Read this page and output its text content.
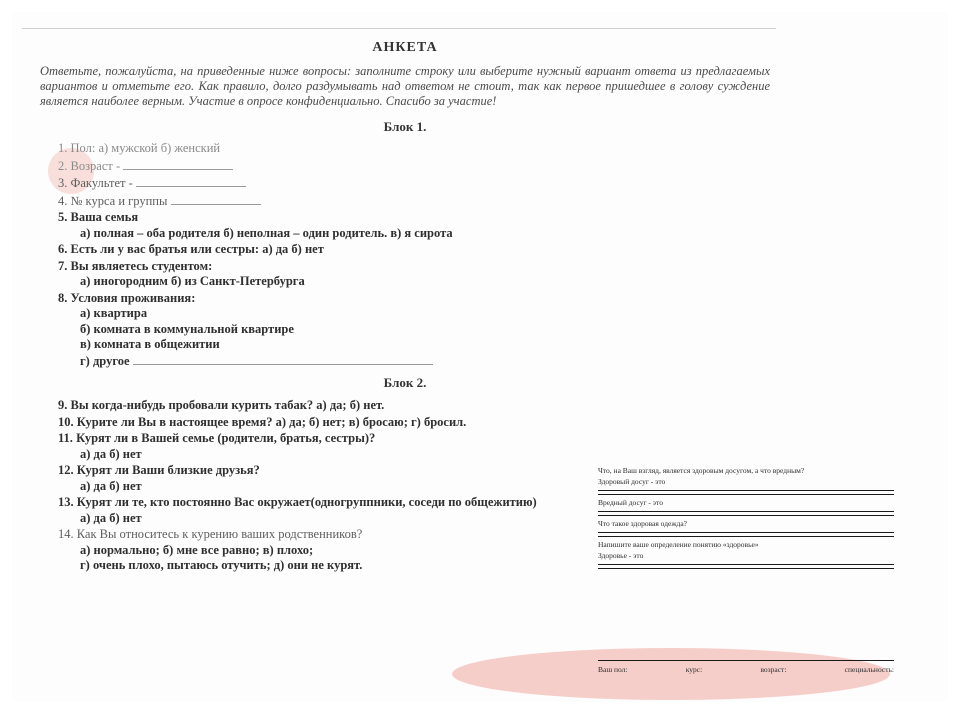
АНКЕТА
Ответьте, пожалуйста, на приведенные ниже вопросы: заполните строку или выберите нужный вариант ответа из предлагаемых вариантов и отметьте его. Как правило, долго раздумывать над ответом не стоит, так как первое пришедшее в голову суждение является наиболее верным. Участие в опросе конфиденциально. Спасибо за участие!
Блок 1.
1. Пол: а) мужской б) женский
2. Возраст -
3. Факультет -
4. № курса и группы
5. Ваша семья
а) полная – оба родителя б) неполная – один родитель. в) я сирота
6. Есть ли у вас братья или сестры: а) да б) нет
7. Вы являетесь студентом:
а) иногородним б) из Санкт-Петербурга
8. Условия проживания:
а) квартира
б) комната в коммунальной квартире
в) комната в общежитии
г) другое
Блок 2.
9. Вы когда-нибудь пробовали курить табак? а) да; б) нет.
10. Курите ли Вы в настоящее время? а) да; б) нет; в) бросаю; г) бросил.
11. Курят ли в Вашей семье (родители, братья, сестры)?
а) да б) нет
12. Курят ли Ваши близкие друзья?
а) да б) нет
13. Курят ли те, кто постоянно Вас окружает(одногруппники, соседи по общежитию)
а) да б) нет
14. Как Вы относитесь к курению ваших родственников?
а) нормально; б) мне все равно; в) плохо;
г) очень плохо, пытаюсь отучить; д) они не курят.

Что, на Ваш взгляд, является здоровым досугом, а что вредным?

Здоровый досуг - это

Вредный досуг - это

Что такое здоровая одежда?

Напишите ваше определение понятию «здоровье»

Здоровье - это

Ваш пол:	курс:	возраст:	специальность:
